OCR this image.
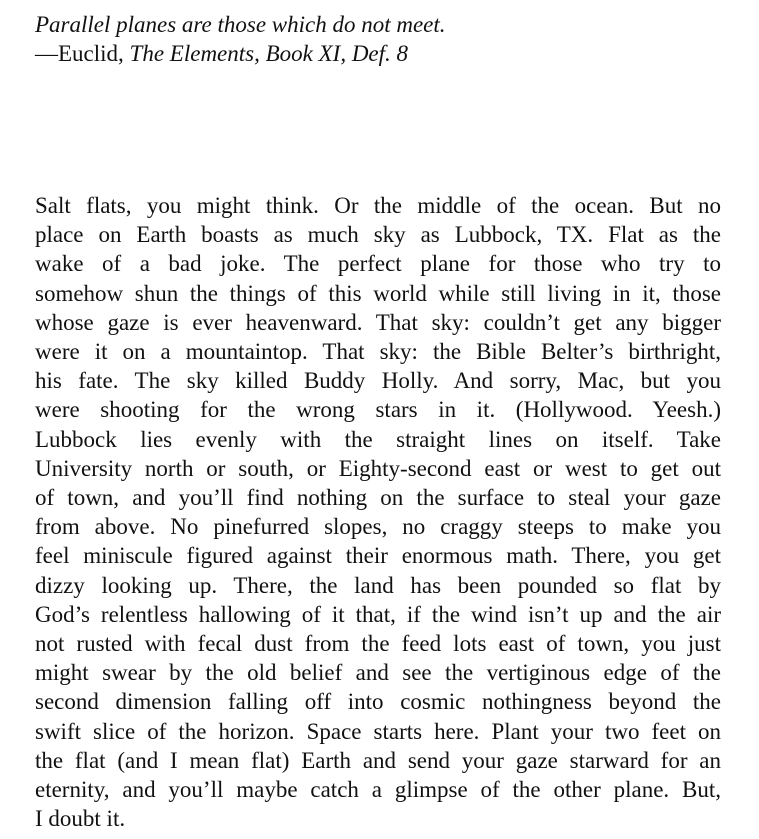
Parallel planes are those which do not meet.
—Euclid, The Elements, Book XI, Def. 8
Salt flats, you might think. Or the middle of the ocean. But no
place on Earth boasts as much sky as Lubbock, TX. Flat as the
wake of a bad joke. The perfect plane for those who try to
somehow shun the things of this world while still living in it, those
whose gaze is ever heavenward. That sky: couldn’t get any bigger
were it on a mountaintop. That sky: the Bible Belter’s birthright,
his fate. The sky killed Buddy Holly. And sorry, Mac, but you
were shooting for the wrong stars in it. (Hollywood. Yeesh.)
Lubbock lies evenly with the straight lines on itself. Take
University north or south, or Eighty-second east or west to get out
of town, and you’ll find nothing on the surface to steal your gaze
from above. No pinefurred slopes, no craggy steeps to make you
feel miniscule figured against their enormous math. There, you get
dizzy looking up. There, the land has been pounded so flat by
God’s relentless hallowing of it that, if the wind isn’t up and the air
not rusted with fecal dust from the feed lots east of town, you just
might swear by the old belief and see the vertiginous edge of the
second dimension falling off into cosmic nothingness beyond the
swift slice of the horizon. Space starts here. Plant your two feet on
the flat (and I mean flat) Earth and send your gaze starward for an
eternity, and you’ll maybe catch a glimpse of the other plane. But,
I doubt it.
